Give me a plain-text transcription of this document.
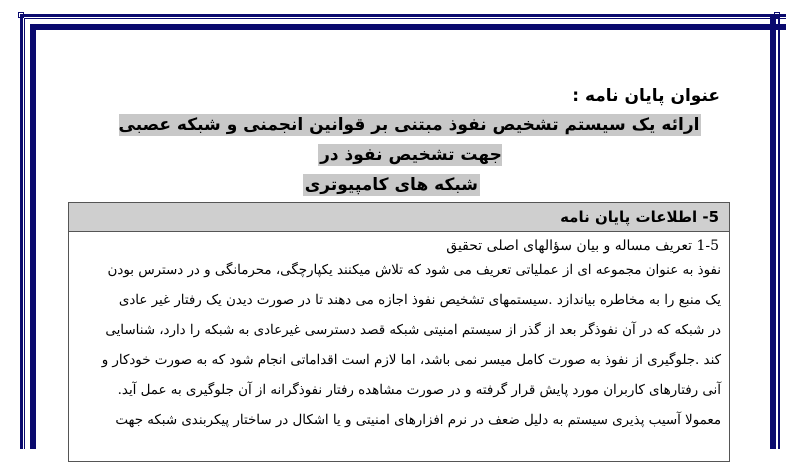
عنوان پایان نامه :
ارائه یک سیستم تشخیص نفوذ مبتنی بر قوانین انجمنی و شبکه عصبی جهت تشخیص نفوذ در
شبکه های کامپیوتری
5- اطلاعات پایان نامه
1-5 تعریف مساله و بیان سؤالهای اصلی تحقیق
نفوذ به عنوان مجموعه ای از عملیاتی تعریف می شود که تلاش میکنند یکپارچگی، محرمانگی و در دسترس بودن
یک منبع را به مخاطره بیاندازد .سیستمهای تشخیص نفوذ اجازه می دهند تا در صورت دیدن یک رفتار غیر عادی
در شبکه که در آن نفوذگر بعد از گذر از سیستم امنیتی شبکه قصد دسترسی غیرعادی به شبکه را دارد، شناسایی
کند .جلوگیری از نفوذ به صورت کامل میسر نمی باشد، اما لازم است اقداماتی انجام شود که به صورت خودکار و
آنی رفتارهای کاربران مورد پایش قرار گرفته و در صورت مشاهده رفتار نفوذگرانه از آن جلوگیری به عمل آید.
معمولا آسیب پذیری سیستم به دلیل ضعف در نرم افزارهای امنیتی و یا اشکال در ساختار پیکربندی شبکه جهت
